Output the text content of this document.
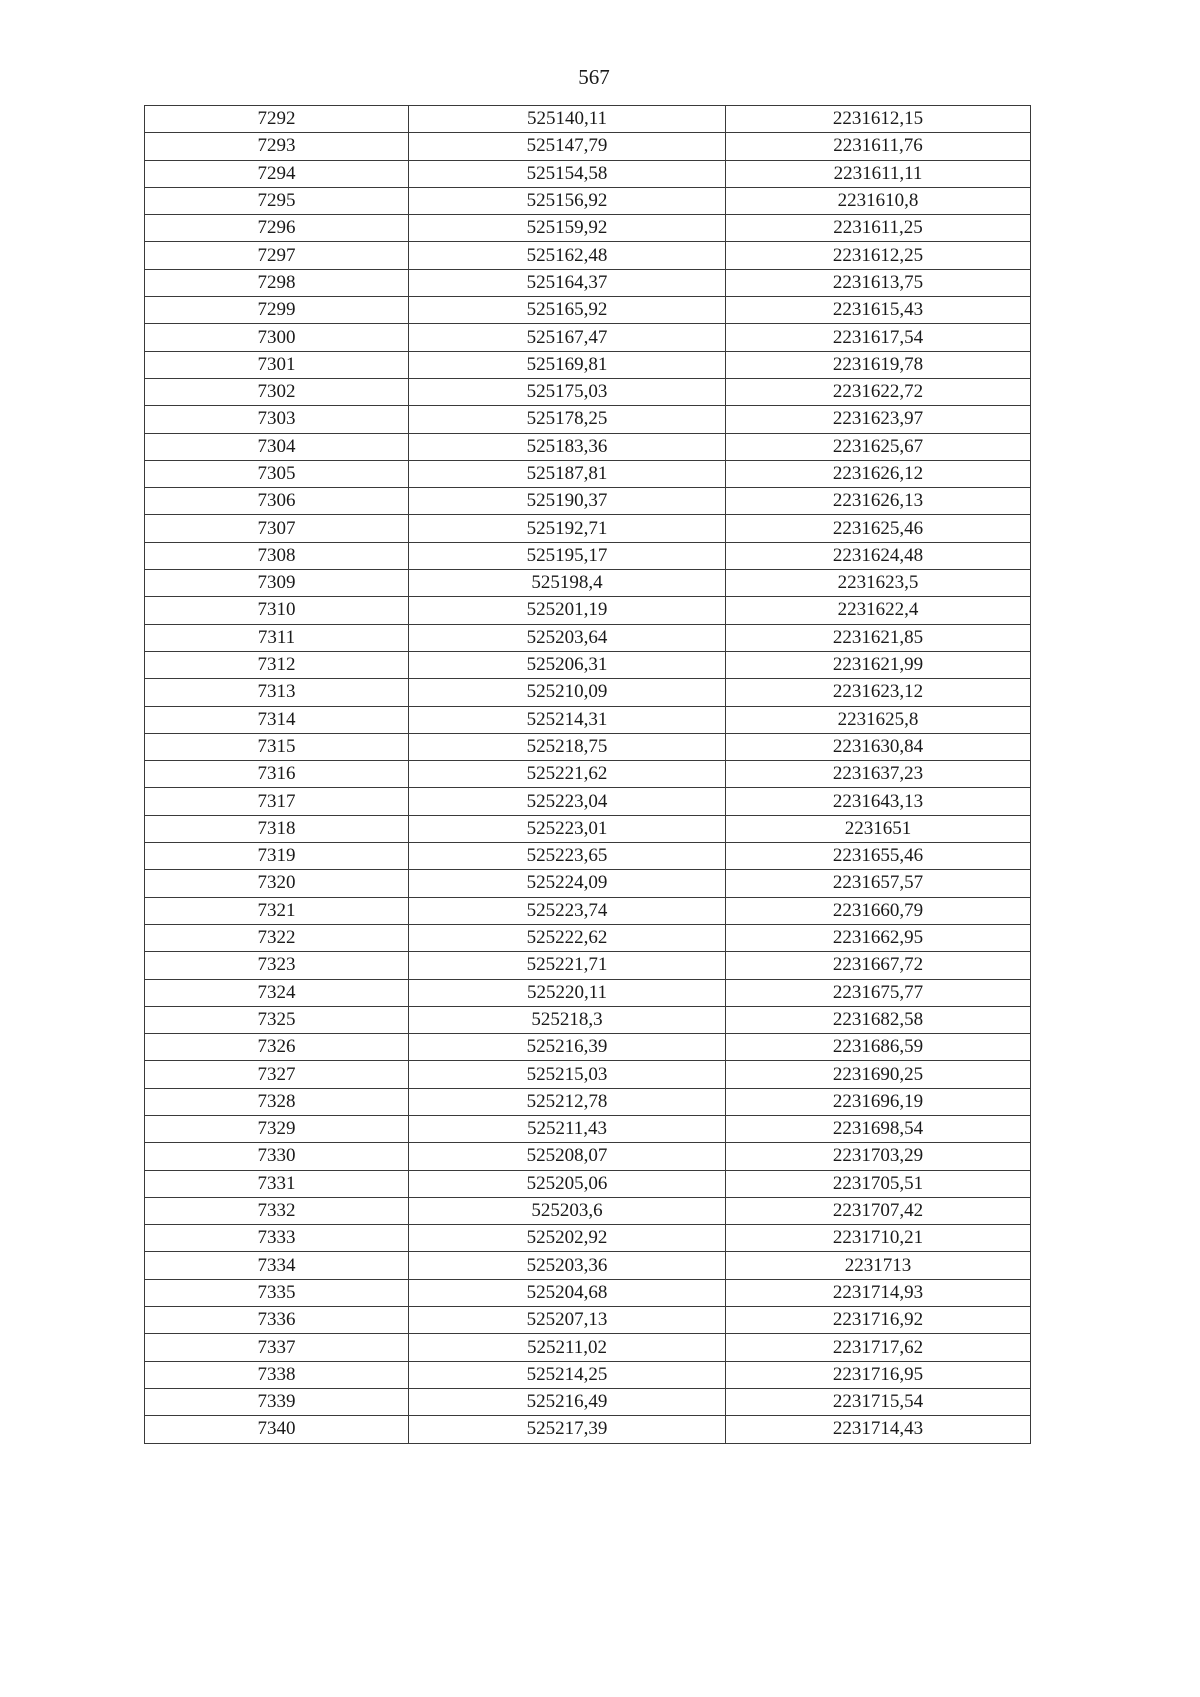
567
7292	525140,11	2231612,15
7293	525147,79	2231611,76
7294	525154,58	2231611,11
7295	525156,92	2231610,8
7296	525159,92	2231611,25
7297	525162,48	2231612,25
7298	525164,37	2231613,75
7299	525165,92	2231615,43
7300	525167,47	2231617,54
7301	525169,81	2231619,78
7302	525175,03	2231622,72
7303	525178,25	2231623,97
7304	525183,36	2231625,67
7305	525187,81	2231626,12
7306	525190,37	2231626,13
7307	525192,71	2231625,46
7308	525195,17	2231624,48
7309	525198,4	2231623,5
7310	525201,19	2231622,4
7311	525203,64	2231621,85
7312	525206,31	2231621,99
7313	525210,09	2231623,12
7314	525214,31	2231625,8
7315	525218,75	2231630,84
7316	525221,62	2231637,23
7317	525223,04	2231643,13
7318	525223,01	2231651
7319	525223,65	2231655,46
7320	525224,09	2231657,57
7321	525223,74	2231660,79
7322	525222,62	2231662,95
7323	525221,71	2231667,72
7324	525220,11	2231675,77
7325	525218,3	2231682,58
7326	525216,39	2231686,59
7327	525215,03	2231690,25
7328	525212,78	2231696,19
7329	525211,43	2231698,54
7330	525208,07	2231703,29
7331	525205,06	2231705,51
7332	525203,6	2231707,42
7333	525202,92	2231710,21
7334	525203,36	2231713
7335	525204,68	2231714,93
7336	525207,13	2231716,92
7337	525211,02	2231717,62
7338	525214,25	2231716,95
7339	525216,49	2231715,54
7340	525217,39	2231714,43
